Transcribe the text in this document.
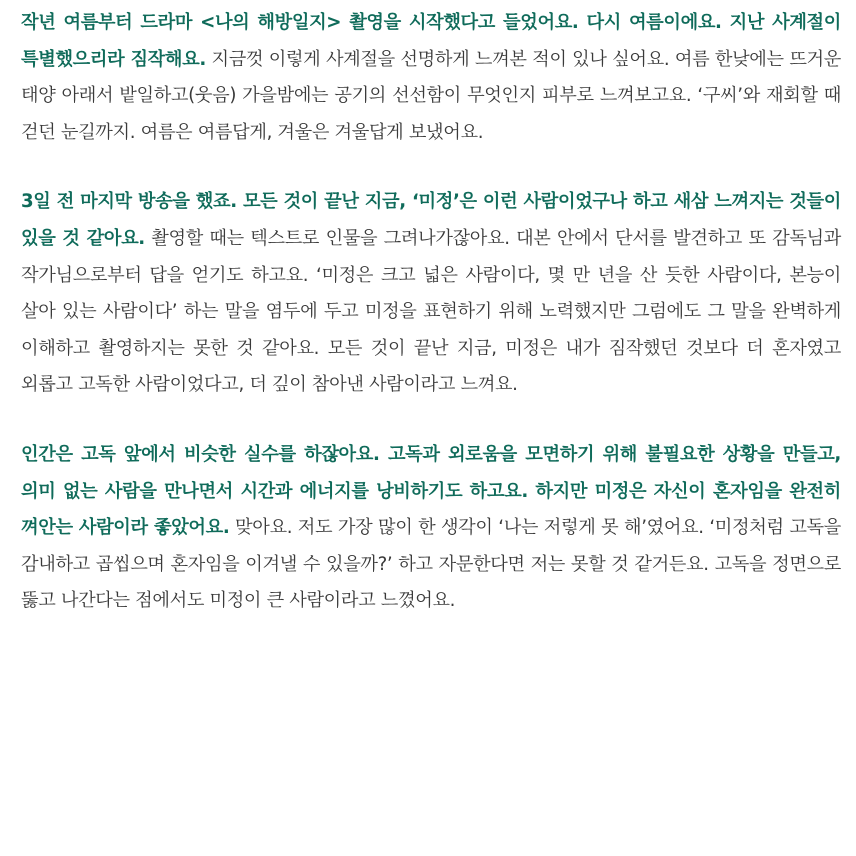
작년 여름부터 드라마 <나의 해방일지> 촬영을 시작했다고 들었어요. 다시 여름이에요. 지난 사계절이 특별했으리라 짐작해요. 지금껏 이렇게 사계절을 선명하게 느껴본 적이 있나 싶어요. 여름 한낮에는 뜨거운 태양 아래서 밭일하고(웃음) 가을밤에는 공기의 선선함이 무엇인지 피부로 느껴보고요. ‘구씨’와 재회할 때 걷던 눈길까지. 여름은 여름답게, 겨울은 겨울답게 보냈어요.

3일 전 마지막 방송을 했죠. 모든 것이 끝난 지금, ‘미정’은 이런 사람이었구나 하고 새삼 느껴지는 것들이 있을 것 같아요. 촬영할 때는 텍스트로 인물을 그려나가잖아요. 대본 안에서 단서를 발견하고 또 감독님과 작가님으로부터 답을 얻기도 하고요. ‘미정은 크고 넓은 사람이다, 몇 만 년을 산 듯한 사람이다, 본능이 살아 있는 사람이다’ 하는 말을 염두에 두고 미정을 표현하기 위해 노력했지만 그럼에도 그 말을 완벽하게 이해하고 촬영하지는 못한 것 같아요. 모든 것이 끝난 지금, 미정은 내가 짐작했던 것보다 더 혼자였고 외롭고 고독한 사람이었다고, 더 깊이 참아낸 사람이라고 느껴요.

인간은 고독 앞에서 비슷한 실수를 하잖아요. 고독과 외로움을 모면하기 위해 불필요한 상황을 만들고, 의미 없는 사람을 만나면서 시간과 에너지를 낭비하기도 하고요. 하지만 미정은 자신이 혼자임을 완전히 껴안는 사람이라 좋았어요. 맞아요. 저도 가장 많이 한 생각이 ‘나는 저렇게 못 해’였어요. ‘미정처럼 고독을 감내하고 곱씹으며 혼자임을 이겨낼 수 있을까?’ 하고 자문한다면 저는 못할 것 같거든요. 고독을 정면으로 뚫고 나간다는 점에서도 미정이 큰 사람이라고 느꼈어요.
